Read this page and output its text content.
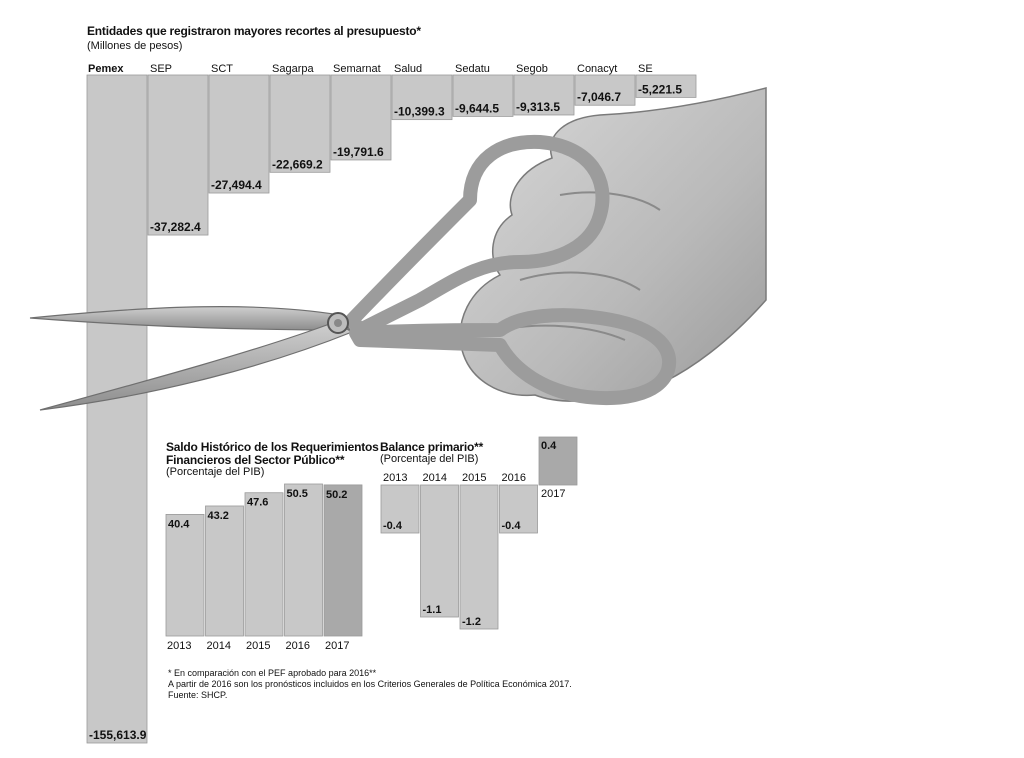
Entidades que registraron mayores recortes al presupuesto*
(Millones de pesos)
Pemex
-155,613.9
SEP
-37,282.4
SCT
-27,494.4
Sagarpa
-22,669.2
Semarnat
-19,791.6
Salud
-10,399.3
Sedatu
-9,644.5
Segob
-9,313.5
Conacyt
-7,046.7
SE
-5,221.5
Saldo Histórico de los Requerimientos
Financieros del Sector Público**
(Porcentaje del PIB)
40.4
2013
43.2
2014
47.6
2015
50.5
2016
50.2
2017
Balance primario**
(Porcentaje del PIB)
-0.4
2013
-1.1
2014
-1.2
2015
-0.4
2016
0.4
2017
* En comparación con el PEF aprobado para 2016**
A partir de 2016 son los pronósticos incluidos en los Criterios Generales de Política Económica 2017.
Fuente: SHCP.
